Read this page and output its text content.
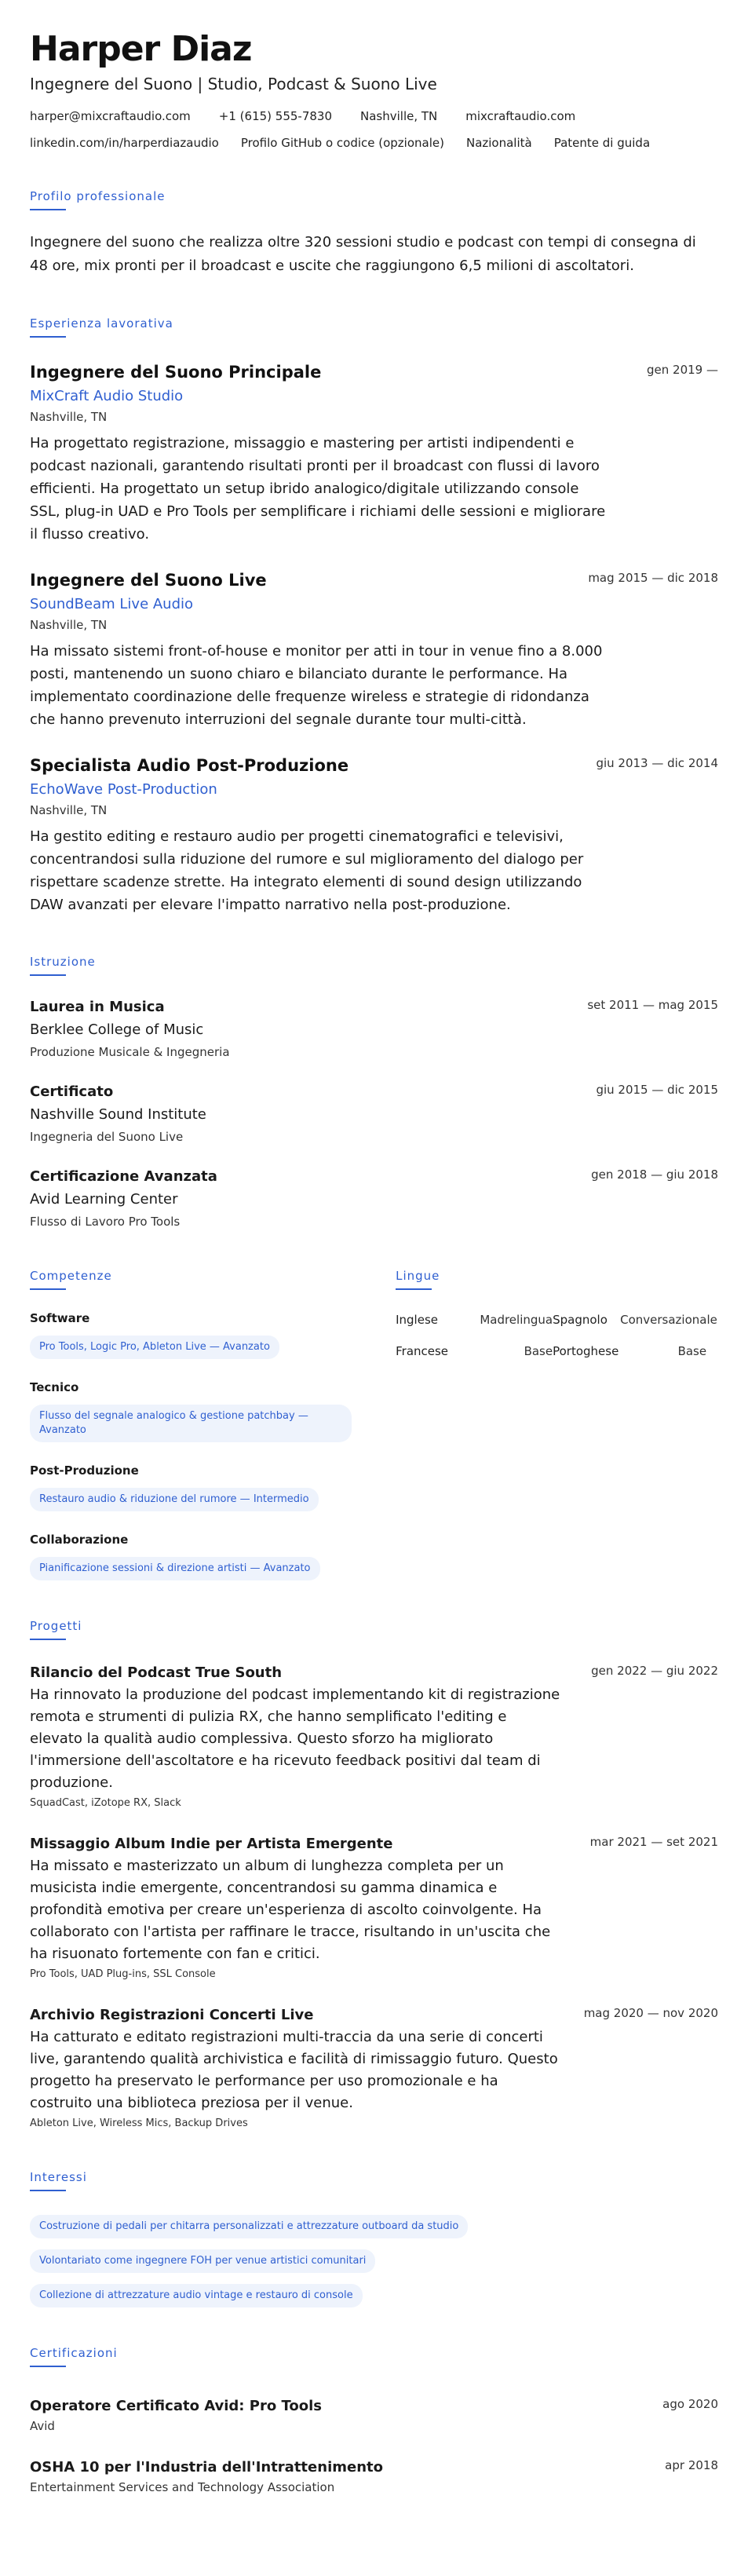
Harper Diaz
Ingegnere del Suono | Studio, Podcast & Suono Live
harper@mixcraftaudio.com +1 (615) 555-7830 Nashville, TN mixcraftaudio.com
linkedin.com/in/harperdiazaudio Profilo GitHub o codice (opzionale) Nazionalità Patente di guida
Profilo professionale
Ingegnere del suono che realizza oltre 320 sessioni studio e podcast con tempi di consegna di 48 ore, mix pronti per il broadcast e uscite che raggiungono 6,5 milioni di ascoltatori.
Esperienza lavorativa
Ingegnere del Suono Principale	gen 2019 —
MixCraft Audio Studio
Nashville, TN
Ha progettato registrazione, missaggio e mastering per artisti indipendenti e podcast nazionali, garantendo risultati pronti per il broadcast con flussi di lavoro efficienti. Ha progettato un setup ibrido analogico/digitale utilizzando console SSL, plug-in UAD e Pro Tools per semplificare i richiami delle sessioni e migliorare il flusso creativo.
Ingegnere del Suono Live	mag 2015 — dic 2018
SoundBeam Live Audio
Nashville, TN
Ha missato sistemi front-of-house e monitor per atti in tour in venue fino a 8.000 posti, mantenendo un suono chiaro e bilanciato durante le performance. Ha implementato coordinazione delle frequenze wireless e strategie di ridondanza che hanno prevenuto interruzioni del segnale durante tour multi-città.
Specialista Audio Post-Produzione	giu 2013 — dic 2014
EchoWave Post-Production
Nashville, TN
Ha gestito editing e restauro audio per progetti cinematografici e televisivi, concentrandosi sulla riduzione del rumore e sul miglioramento del dialogo per rispettare scadenze strette. Ha integrato elementi di sound design utilizzando DAW avanzati per elevare l'impatto narrativo nella post-produzione.
Istruzione
Laurea in Musica	set 2011 — mag 2015
Berklee College of Music
Produzione Musicale & Ingegneria
Certificato	giu 2015 — dic 2015
Nashville Sound Institute
Ingegneria del Suono Live
Certificazione Avanzata	gen 2018 — giu 2018
Avid Learning Center
Flusso di Lavoro Pro Tools
Competenze
Software
Pro Tools, Logic Pro, Ableton Live — Avanzato
Tecnico
Flusso del segnale analogico & gestione patchbay — Avanzato
Post-Produzione
Restauro audio & riduzione del rumore — Intermedio
Collaborazione
Pianificazione sessioni & direzione artisti — Avanzato
Lingue
Inglese	Madrelingua Spagnolo	Conversazionale
Francese	Base Portoghese	Base
Progetti
Rilancio del Podcast True South	gen 2022 — giu 2022
Ha rinnovato la produzione del podcast implementando kit di registrazione remota e strumenti di pulizia RX, che hanno semplificato l'editing e elevato la qualità audio complessiva. Questo sforzo ha migliorato l'immersione dell'ascoltatore e ha ricevuto feedback positivi dal team di produzione.
SquadCast, iZotope RX, Slack
Missaggio Album Indie per Artista Emergente	mar 2021 — set 2021
Ha missato e masterizzato un album di lunghezza completa per un musicista indie emergente, concentrandosi su gamma dinamica e profondità emotiva per creare un'esperienza di ascolto coinvolgente. Ha collaborato con l'artista per raffinare le tracce, risultando in un'uscita che ha risuonato fortemente con fan e critici.
Pro Tools, UAD Plug-ins, SSL Console
Archivio Registrazioni Concerti Live	mag 2020 — nov 2020
Ha catturato e editato registrazioni multi-traccia da una serie di concerti live, garantendo qualità archivistica e facilità di rimissaggio futuro. Questo progetto ha preservato le performance per uso promozionale e ha costruito una biblioteca preziosa per il venue.
Ableton Live, Wireless Mics, Backup Drives
Interessi
Costruzione di pedali per chitarra personalizzati e attrezzature outboard da studio
Volontariato come ingegnere FOH per venue artistici comunitari
Collezione di attrezzature audio vintage e restauro di console
Certificazioni
Operatore Certificato Avid: Pro Tools	ago 2020
Avid
OSHA 10 per l'Industria dell'Intrattenimento	apr 2018
Entertainment Services and Technology Association
